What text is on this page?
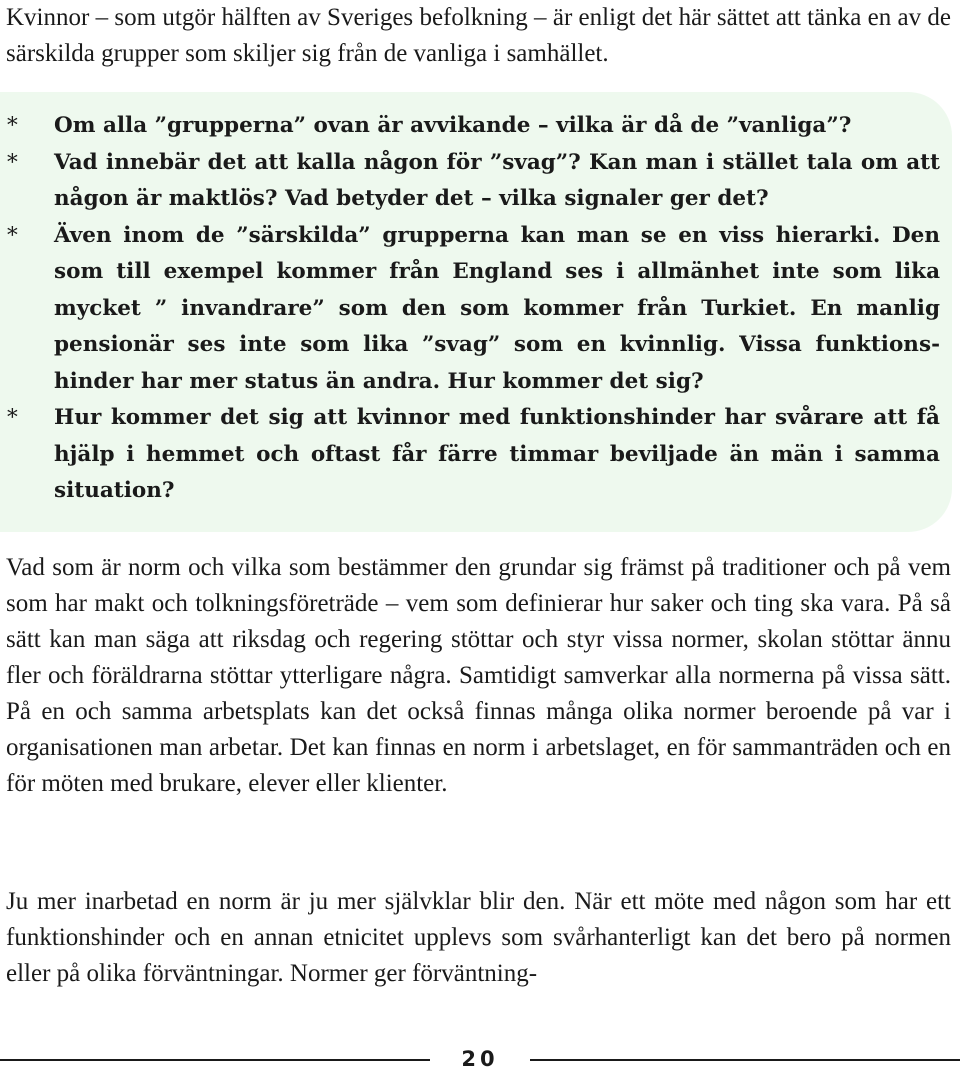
Kvinnor – som utgör hälften av Sveriges befolkning – är enligt det här sättet att tänka en av de särskilda grupper som skiljer sig från de vanliga i samhället.

* Om alla ”grupperna” ovan är avvikande – vilka är då de ”vanliga”?
* Vad innebär det att kalla någon för ”svag”? Kan man i stället tala om att någon är maktlös? Vad betyder det – vilka signaler ger det?
* Även inom de ”särskilda” grupperna kan man se en viss hierarki. Den som till exempel kommer från England ses i allmänhet inte som lika mycket ” invandrare” som den som kommer från Turkiet. En manlig pensionär ses inte som lika ”svag” som en kvinnlig. Vissa funktionshinder har mer status än andra. Hur kommer det sig?
* Hur kommer det sig att kvinnor med funktionshinder har svårare att få hjälp i hemmet och oftast får färre timmar beviljade än män i samma situation?

Vad som är norm och vilka som bestämmer den grundar sig främst på traditioner och på vem som har makt och tolkningsföreträde – vem som definierar hur saker och ting ska vara. På så sätt kan man säga att riksdag och regering stöttar och styr vissa normer, skolan stöttar ännu fler och föräldrarna stöttar ytterligare några. Samtidigt samverkar alla normerna på vissa sätt. På en och samma arbetsplats kan det också finnas många olika normer beroende på var i organisationen man arbetar. Det kan finnas en norm i arbetslaget, en för sammanträden och en för möten med brukare, elever eller klienter.

Ju mer inarbetad en norm är ju mer självklar blir den. När ett möte med någon som har ett funktionshinder och en annan etnicitet upplevs som svårhanterligt kan det bero på normen eller på olika förväntningar. Normer ger förväntning-

20
